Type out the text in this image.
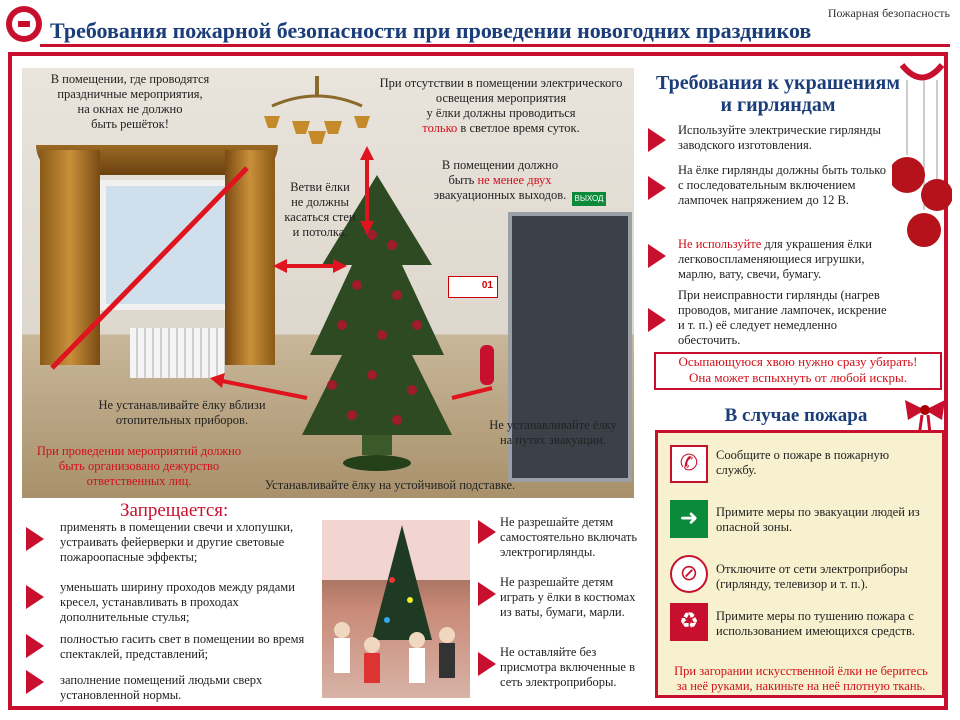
Пожарная безопасность
Требования пожарной безопасности при проведении новогодних праздников
ВЫХОД
01
В помещении, где проводятся
праздничные мероприятия,
на окнах не должно
быть решёток!
При отсутствии в помещении электрического
освещения мероприятия
у ёлки должны проводиться
только в светлое время суток.
Ветви ёлки
не должны
касаться стен
и потолка.
В помещении должно
быть не менее двух
эвакуационных выходов.
Не устанавливайте ёлку вблизи
отопительных приборов.
При проведении мероприятий должно
быть организовано дежурство
ответственных лиц.
Не устанавливайте ёлку
на путях эвакуации.
Устанавливайте ёлку на устойчивой подставке.
Требования к украшениям
и гирляндам
Используйте электрические гирлянды заводского изготовления.
На ёлке гирлянды должны быть только с последовательным включением лампочек напряжением до 12 В.
Не используйте для украшения ёлки легковоспламеняющиеся игрушки, марлю, вату, свечи, бумагу.
При неисправности гирлянды (нагрев проводов, мигание лампочек, искрение и т. п.) её следует немедленно обесточить.
Осыпающуюся хвою нужно сразу убирать!
Она может вспыхнуть от любой искры.
В случае пожара
✆	Сообщите о пожаре в пожарную службу.
➜	Примите меры по эвакуации людей из опасной зоны.
⊘	Отключите от сети электроприборы (гирлянду, телевизор и т. п.).
♻	Примите меры по тушению пожара с использованием имеющихся средств.
При загорании искусственной ёлки не беритесь
за неё руками, накиньте на неё плотную ткань.
Запрещается:
применять в помещении свечи и хлопушки, устраивать фейерверки и другие световые пожароопасные эффекты;
уменьшать ширину проходов между рядами кресел, устанавливать в проходах дополнительные стулья;
полностью гасить свет в помещении во время спектаклей, представлений;
заполнение помещений людьми сверх установленной нормы.
Не разрешайте детям самостоятельно включать электрогирлянды.
Не разрешайте детям играть у ёлки в костюмах из ваты, бумаги, марли.
Не оставляйте без присмотра включенные в сеть электроприборы.
